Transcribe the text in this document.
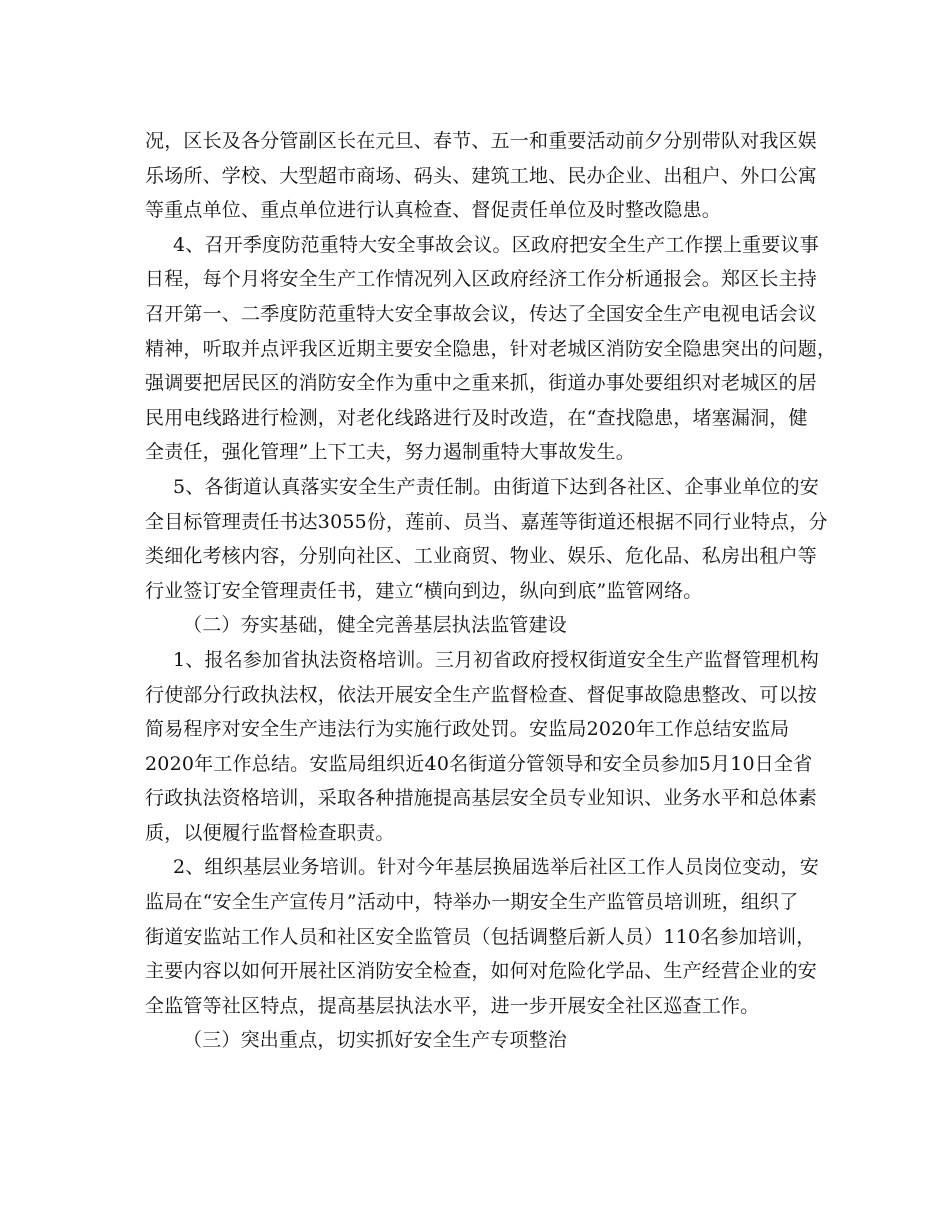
况，区长及各分管副区长在元旦、春节、五一和重要活动前夕分别带队对我区娱
乐场所、学校、大型超市商场、码头、建筑工地、民办企业、出租户、外口公寓
等重点单位、重点单位进行认真检查、督促责任单位及时整改隐患。
4、召开季度防范重特大安全事故会议。区政府把安全生产工作摆上重要议事
日程，每个月将安全生产工作情况列入区政府经济工作分析通报会。郑区长主持
召开第一、二季度防范重特大安全事故会议，传达了全国安全生产电视电话会议
精神，听取并点评我区近期主要安全隐患，针对老城区消防安全隐患突出的问题，
强调要把居民区的消防安全作为重中之重来抓，街道办事处要组织对老城区的居
民用电线路进行检测，对老化线路进行及时改造，在“查找隐患，堵塞漏洞，健
全责任，强化管理”上下工夫，努力遏制重特大事故发生。
5、各街道认真落实安全生产责任制。由街道下达到各社区、企事业单位的安
全目标管理责任书达3055份，莲前、员当、嘉莲等街道还根据不同行业特点，分
类细化考核内容，分别向社区、工业商贸、物业、娱乐、危化品、私房出租户等
行业签订安全管理责任书，建立“横向到边，纵向到底”监管网络。
（二）夯实基础，健全完善基层执法监管建设
1、报名参加省执法资格培训。三月初省政府授权街道安全生产监督管理机构
行使部分行政执法权，依法开展安全生产监督检查、督促事故隐患整改、可以按
简易程序对安全生产违法行为实施行政处罚。安监局2020年工作总结安监局
2020年工作总结。安监局组织近40名街道分管领导和安全员参加5月10日全省
行政执法资格培训，采取各种措施提高基层安全员专业知识、业务水平和总体素
质，以便履行监督检查职责。
2、组织基层业务培训。针对今年基层换届选举后社区工作人员岗位变动，安
监局在“安全生产宣传月”活动中，特举办一期安全生产监管员培训班，组织了
街道安监站工作人员和社区安全监管员（包括调整后新人员）110名参加培训，
主要内容以如何开展社区消防安全检查，如何对危险化学品、生产经营企业的安
全监管等社区特点，提高基层执法水平，进一步开展安全社区巡查工作。
（三）突出重点，切实抓好安全生产专项整治
